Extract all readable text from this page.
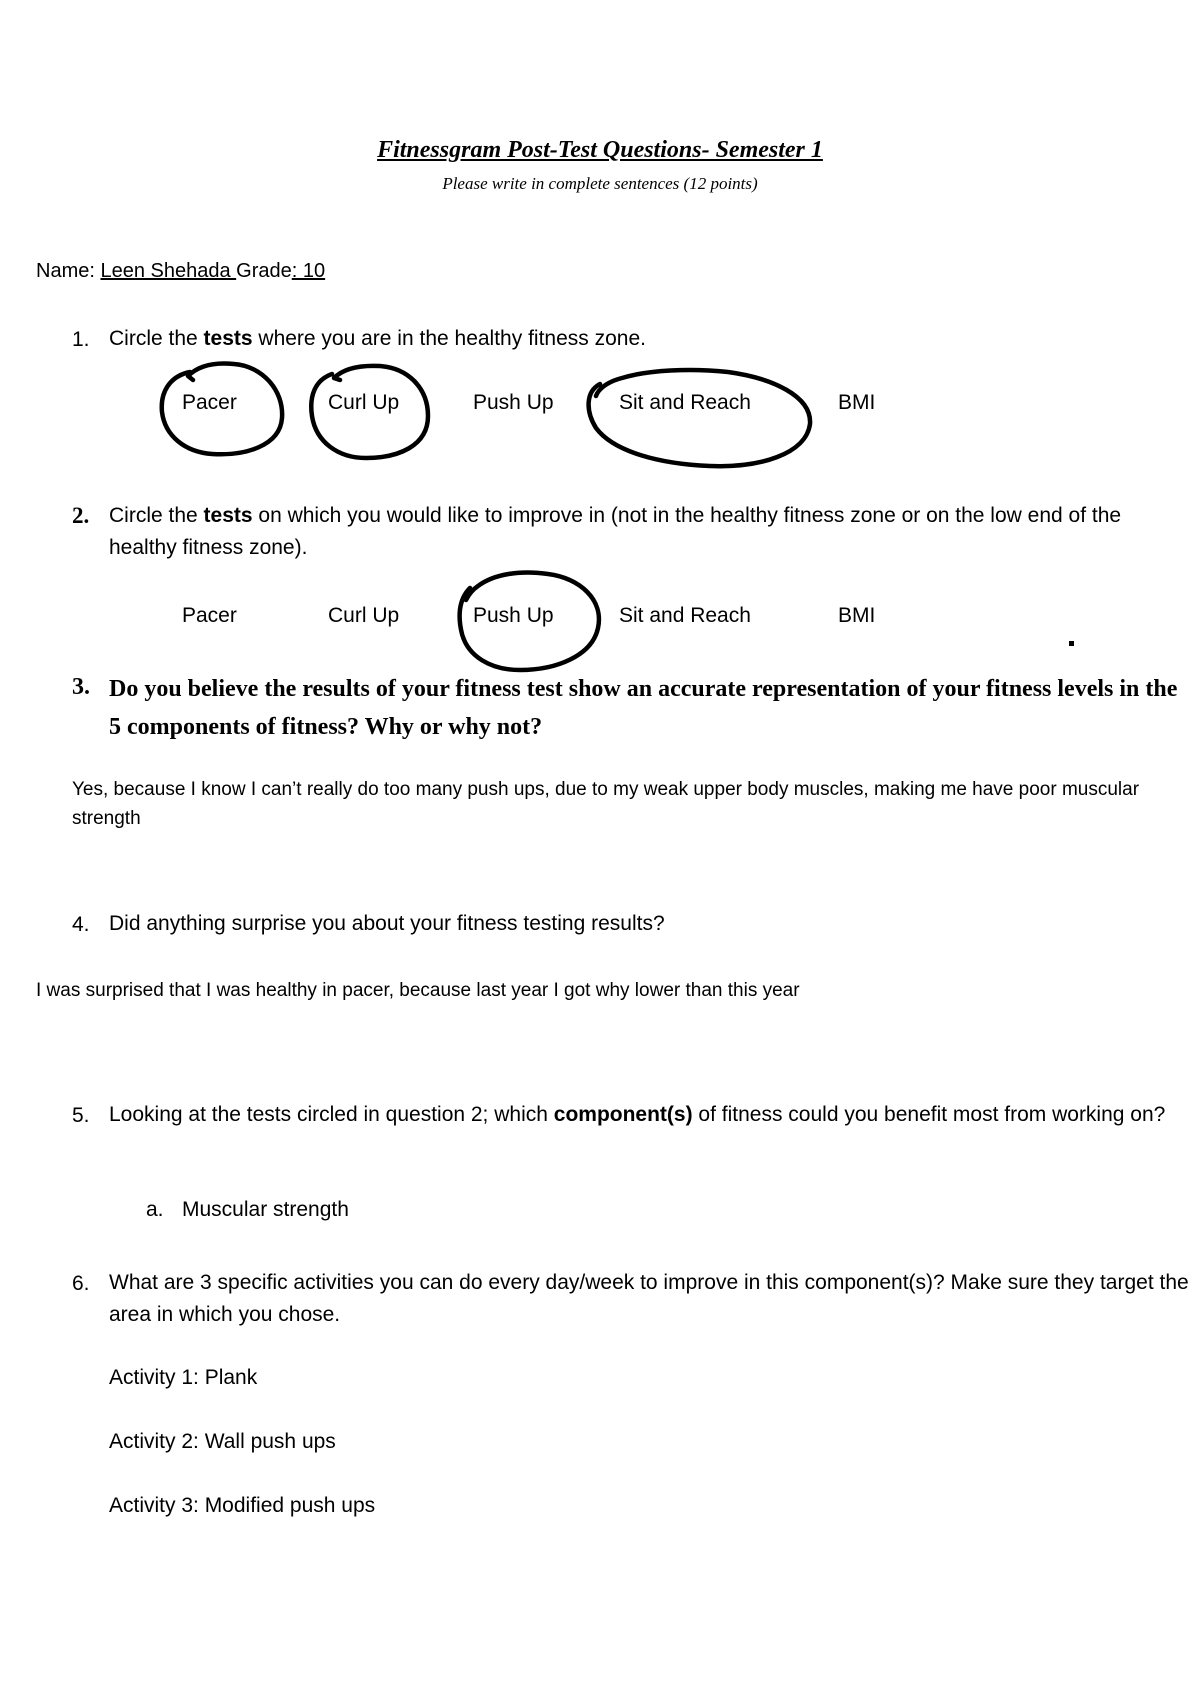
Fitnessgram Post-Test Questions- Semester 1
Please write in complete sentences (12 points)
Name: Leen Shehada Grade: 10
1. Circle the tests where you are in the healthy fitness zone.
Pacer	Curl Up	Push Up	Sit and Reach	BMI
2. Circle the tests on which you would like to improve in (not in the healthy fitness zone or on the low end of the healthy fitness zone).
Pacer	Curl Up	Push Up	Sit and Reach	BMI
3. Do you believe the results of your fitness test show an accurate representation of your fitness levels in the 5 components of fitness? Why or why not?
Yes, because I know I can’t really do too many push ups, due to my weak upper body muscles, making me have poor muscular strength
4. Did anything surprise you about your fitness testing results?
I was surprised that I was healthy in pacer, because last year I got why lower than this year
5. Looking at the tests circled in question 2; which component(s) of fitness could you benefit most from working on?
a. Muscular strength
6. What are 3 specific activities you can do every day/week to improve in this component(s)? Make sure they target the area in which you chose.
Activity 1: Plank
Activity 2: Wall push ups
Activity 3: Modified push ups
